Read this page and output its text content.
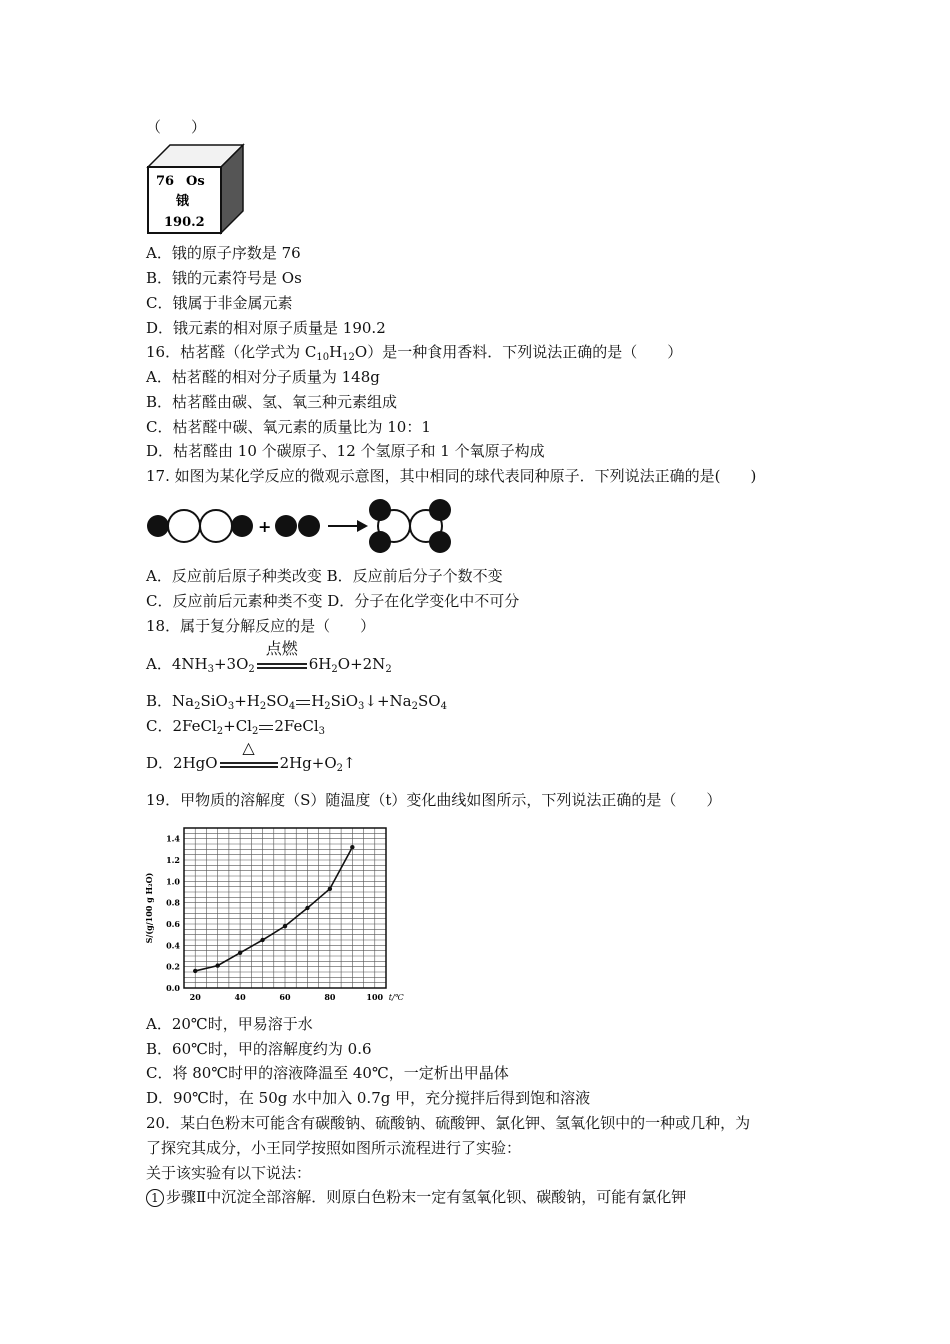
（　　）
76 Os
锇
190.2
A．锇的原子序数是 76
B．锇的元素符号是 Os
C．锇属于非金属元素
D．锇元素的相对原子质量是 190.2
16．枯茗醛（化学式为 $C_{10}H_{12}O$）是一种食用香料．下列说法正确的是（　　）
A．枯茗醛的相对分子质量为 148g
B．枯茗醛由碳、氢、氧三种元素组成
C．枯茗醛中碳、氧元素的质量比为 10：1
D．枯茗醛由 10 个碳原子、12 个氢原子和 1 个氧原子构成
17. 如图为某化学反应的微观示意图，其中相同的球代表同种原子．下列说法正确的是(　　)
+
A．反应前后原子种类改变 B．反应前后分子个数不变
C．反应前后元素种类不变 D．分子在化学变化中不可分
18．属于复分解反应的是（　　）
A．$4NH_3+3O_2$
点燃
$6H_2O+2N_2$
B．$Na_2SiO_3+H_2SO_4$ $H_2SiO_3↓+Na_2SO_4$
C．$2FeCl_2+Cl_2$ 2FeCl$_3$
D．2HgO
△
$2Hg+O_2↑$
19．甲物质的溶解度（S）随温度（t）变化曲线如图所示，下列说法正确的是（　　）
0.0
0.2
0.4
0.6
0.8
1.0
1.2
1.4
20	40	60	80	100 t/℃
S/(g/100 g H₂O)
A．20℃时，甲易溶于水
B．60℃时，甲的溶解度约为 0.6
C．将 80℃时甲的溶液降温至 40℃，一定析出甲晶体
D．90℃时，在 50g 水中加入 0.7g 甲，充分搅拌后得到饱和溶液
20．某白色粉末可能含有碳酸钠、硫酸钠、硫酸钾、氯化钾、氢氧化钡中的一种或几种，为
了探究其成分，小王同学按照如图所示流程进行了实验：
关于该实验有以下说法：
1 步骤Ⅱ中沉淀全部溶解．则原白色粉末一定有氢氧化钡、碳酸钠，可能有氯化钾
